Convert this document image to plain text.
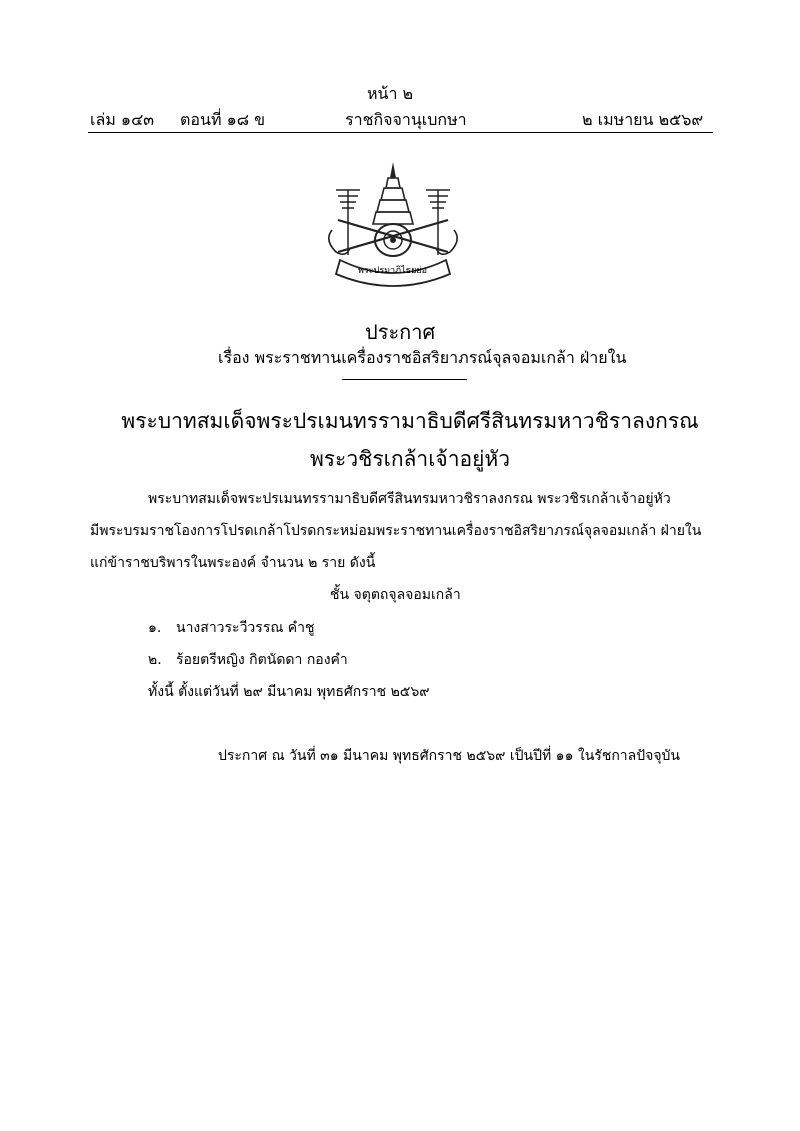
หน้า ๒
เล่ม ๑๔๓ ตอนที่ ๑๘ ข	ราชกิจจานุเบกษา	๒ เมษายน ๒๕๖๙
พระปรมาภิไธยย่อ
ประกาศ
เรื่อง พระราชทานเครื่องราชอิสริยาภรณ์จุลจอมเกล้า ฝ่ายใน
พระบาทสมเด็จพระปรเมนทรรามาธิบดีศรีสินทรมหาวชิราลงกรณ
พระวชิรเกล้าเจ้าอยู่หัว
พระบาทสมเด็จพระปรเมนทรรามาธิบดีศรีสินทรมหาวชิราลงกรณ พระวชิรเกล้าเจ้าอยู่หัว
มีพระบรมราชโองการโปรดเกล้าโปรดกระหม่อมพระราชทานเครื่องราชอิสริยาภรณ์จุลจอมเกล้า ฝ่ายใน
แก่ข้าราชบริพารในพระองค์ จำนวน ๒ ราย ดังนี้
ชั้น จตุตถจุลจอมเกล้า
๑. นางสาวระวีวรรณ คำชู
๒. ร้อยตรีหญิง กิตนัดดา กองคำ
ทั้งนี้ ตั้งแต่วันที่ ๒๙ มีนาคม พุทธศักราช ๒๕๖๙
ประกาศ ณ วันที่ ๓๑ มีนาคม พุทธศักราช ๒๕๖๙ เป็นปีที่ ๑๑ ในรัชกาลปัจจุบัน
